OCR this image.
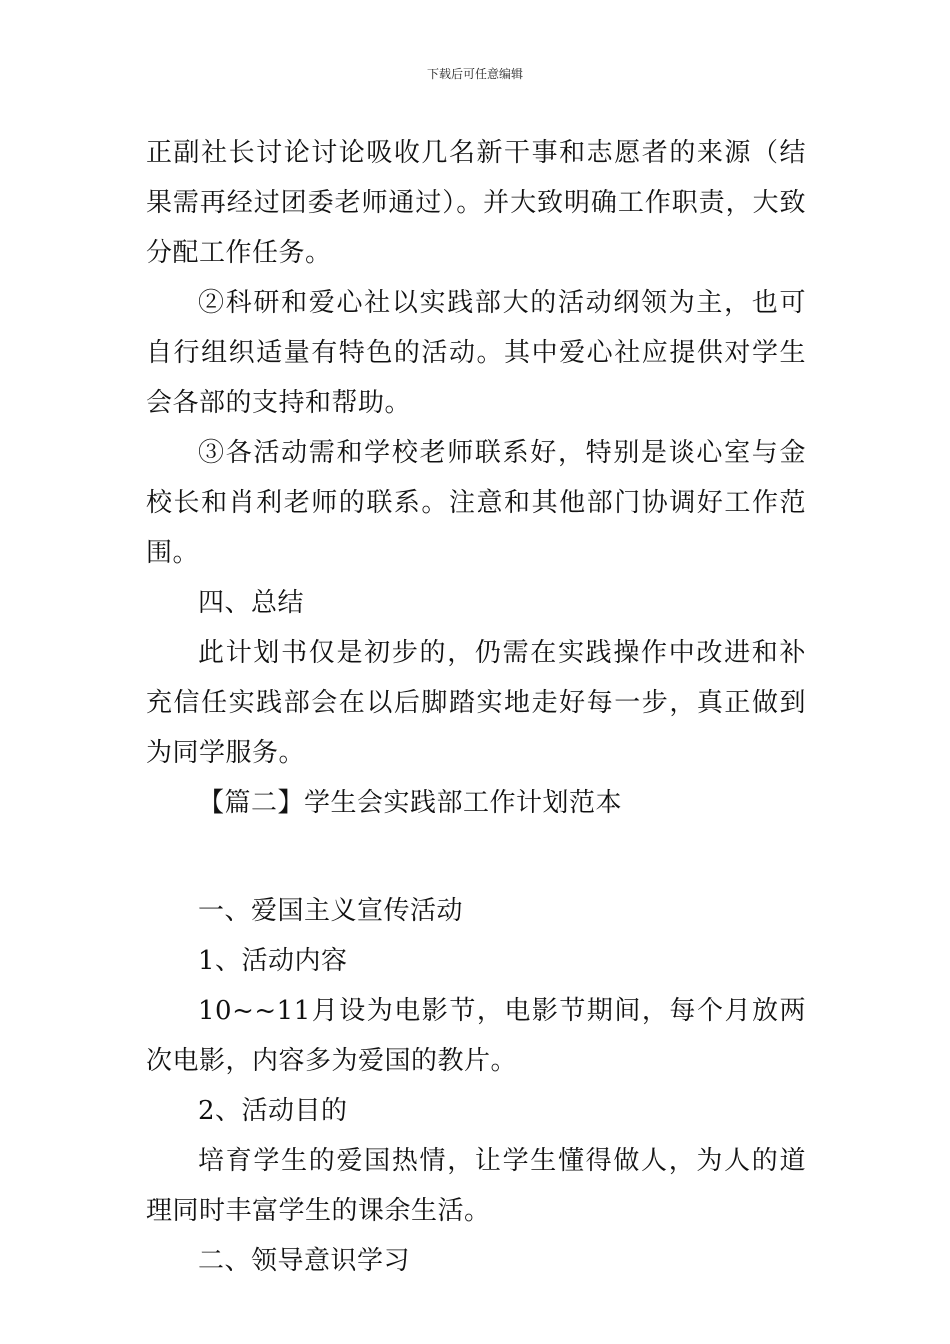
下载后可任意编辑

正副社长讨论讨论吸收几名新干事和志愿者的来源（结果需再经过团委老师通过）。并大致明确工作职责，大致分配工作任务。

②科研和爱心社以实践部大的活动纲领为主，也可自行组织适量有特色的活动。其中爱心社应提供对学生会各部的支持和帮助。

③各活动需和学校老师联系好，特别是谈心室与金校长和肖利老师的联系。注意和其他部门协调好工作范围。

四、总结

此计划书仅是初步的，仍需在实践操作中改进和补充信任实践部会在以后脚踏实地走好每一步，真正做到为同学服务。

【篇二】学生会实践部工作计划范本

一、爱国主义宣传活动

1、活动内容

10~~11月设为电影节，电影节期间，每个月放两次电影，内容多为爱国的教片。

2、活动目的

培育学生的爱国热情，让学生懂得做人，为人的道理同时丰富学生的课余生活。

二、领导意识学习
